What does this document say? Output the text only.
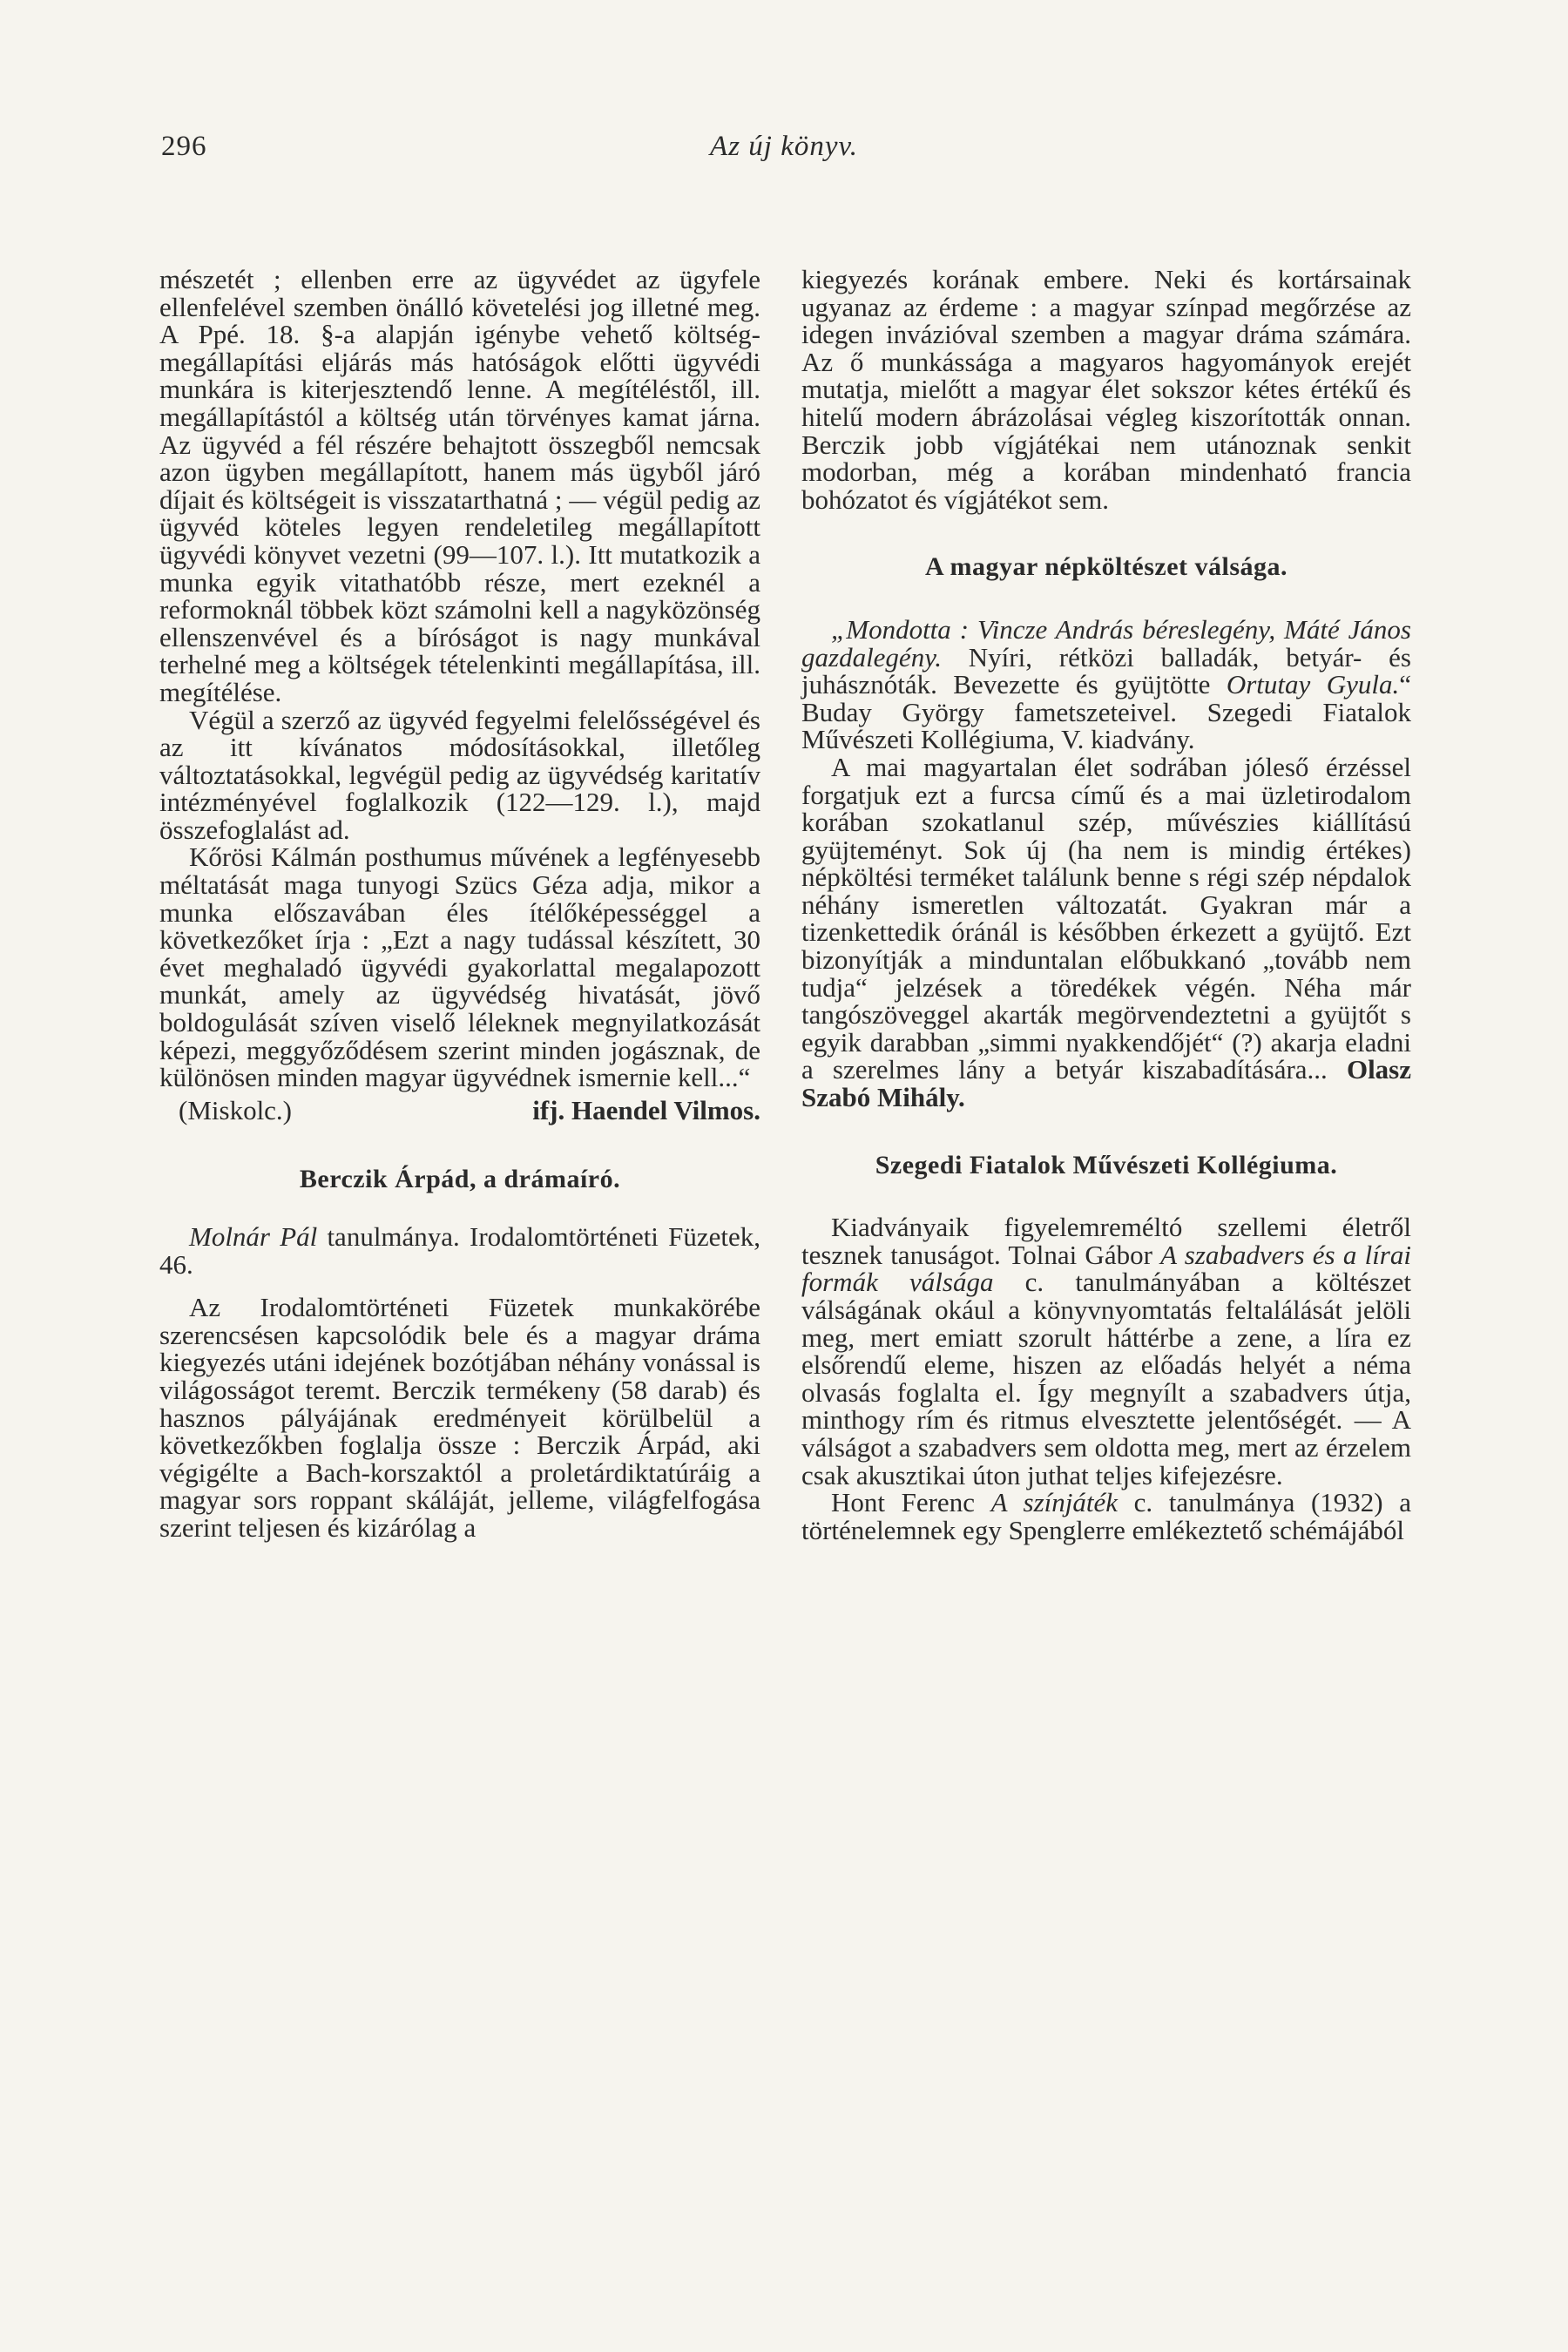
296	Az új könyv.

mészetét ; ellenben erre az ügyvédet az ügyfele ellenfelével szemben önálló követelési jog illetné meg. A Ppé. 18. §-a alapján igénybe vehető költség-megállapítási eljárás más hatóságok előtti ügyvédi munkára is kiterjesztendő lenne. A megítéléstől, ill. megállapítástól a költség után törvényes kamat járna. Az ügyvéd a fél részére behajtott összegből nemcsak azon ügyben megállapított, hanem más ügyből járó díjait és költségeit is visszatarthatná ; — végül pedig az ügyvéd köteles legyen rendeletileg megállapított ügyvédi könyvet vezetni (99—107. l.). Itt mutatkozik a munka egyik vitathatóbb része, mert ezeknél a reformoknál többek közt számolni kell a nagyközönség ellenszenvével és a bíróságot is nagy munkával terhelné meg a költségek tételenkinti megállapítása, ill. megítélése.

Végül a szerző az ügyvéd fegyelmi felelősségével és az itt kívánatos módosításokkal, illetőleg változtatásokkal, legvégül pedig az ügyvédség karitatív intézményével foglalkozik (122—129. l.), majd összefoglalást ad.

Kőrösi Kálmán posthumus művének a legfényesebb méltatását maga tunyogi Szücs Géza adja, mikor a munka előszavában éles ítélőképességgel a következőket írja : „Ezt a nagy tudással készített, 30 évet meghaladó ügyvédi gyakorlattal megalapozott munkát, amely az ügyvédség hivatását, jövő boldogulását szíven viselő léleknek megnyilatkozását képezi, meggyőződésem szerint minden jogásznak, de különösen minden magyar ügyvédnek ismernie kell...“

(Miskolc.)	ifj. Haendel Vilmos.
Berczik Árpád, a drámaíró.

Molnár Pál tanulmánya. Irodalomtörténeti Füzetek, 46.

Az Irodalomtörténeti Füzetek munkakörébe szerencsésen kapcsolódik bele és a magyar dráma kiegyezés utáni idejének bozótjában néhány vonással is világosságot teremt. Berczik termékeny (58 darab) és hasznos pályájának eredményeit körülbelül a következőkben foglalja össze : Berczik Árpád, aki végigélte a Bach-korszaktól a proletárdiktatúráig a magyar sors roppant skáláját, jelleme, világfelfogása szerint teljesen és kizárólag a

kiegyezés korának embere. Neki és kortársainak ugyanaz az érdeme : a magyar színpad megőrzése az idegen invázióval szemben a magyar dráma számára. Az ő munkássága a magyaros hagyományok erejét mutatja, mielőtt a magyar élet sokszor kétes értékű és hitelű modern ábrázolásai végleg kiszorították onnan. Berczik jobb vígjátékai nem utánoznak senkit modorban, még a korában mindenható francia bohózatot és vígjátékot sem.

A magyar népköltészet válsága.

„Mondotta : Vincze András béreslegény, Máté János gazdalegény. Nyíri, rétközi balladák, betyár- és juhásznóták. Bevezette és gyüjtötte Ortutay Gyula.“ Buday György fametszeteivel. Szegedi Fiatalok Művészeti Kollégiuma, V. kiadvány.

A mai magyartalan élet sodrában jóleső érzéssel forgatjuk ezt a furcsa című és a mai üzletirodalom korában szokatlanul szép, művészies kiállítású gyüjteményt. Sok új (ha nem is mindig értékes) népköltési terméket találunk benne s régi szép népdalok néhány ismeretlen változatát. Gyakran már a tizenkettedik óránál is későbben érkezett a gyüjtő. Ezt bizonyítják a minduntalan előbukkanó „tovább nem tudja“ jelzések a töredékek végén. Néha már tangószöveggel akarták megörvendeztetni a gyüjtőt s egyik darabban „simmi nyakkendőjét“ (?) akarja eladni a szerelmes lány a betyár kiszabadítására... Olasz Szabó Mihály.

Szegedi Fiatalok Művészeti Kollégiuma.

Kiadványaik figyelemreméltó szellemi életről tesznek tanuságot. Tolnai Gábor A szabadvers és a lírai formák válsága c. tanulmányában a költészet válságának okául a könyvnyomtatás feltalálását jelöli meg, mert emiatt szorult háttérbe a zene, a líra ez elsőrendű eleme, hiszen az előadás helyét a néma olvasás foglalta el. Így megnyílt a szabadvers útja, minthogy rím és ritmus elvesztette jelentőségét. — A válságot a szabadvers sem oldotta meg, mert az érzelem csak akusztikai úton juthat teljes kifejezésre.

Hont Ferenc A színjáték c. tanulmánya (1932) a történelemnek egy Spenglerre emlékeztető schémájából
